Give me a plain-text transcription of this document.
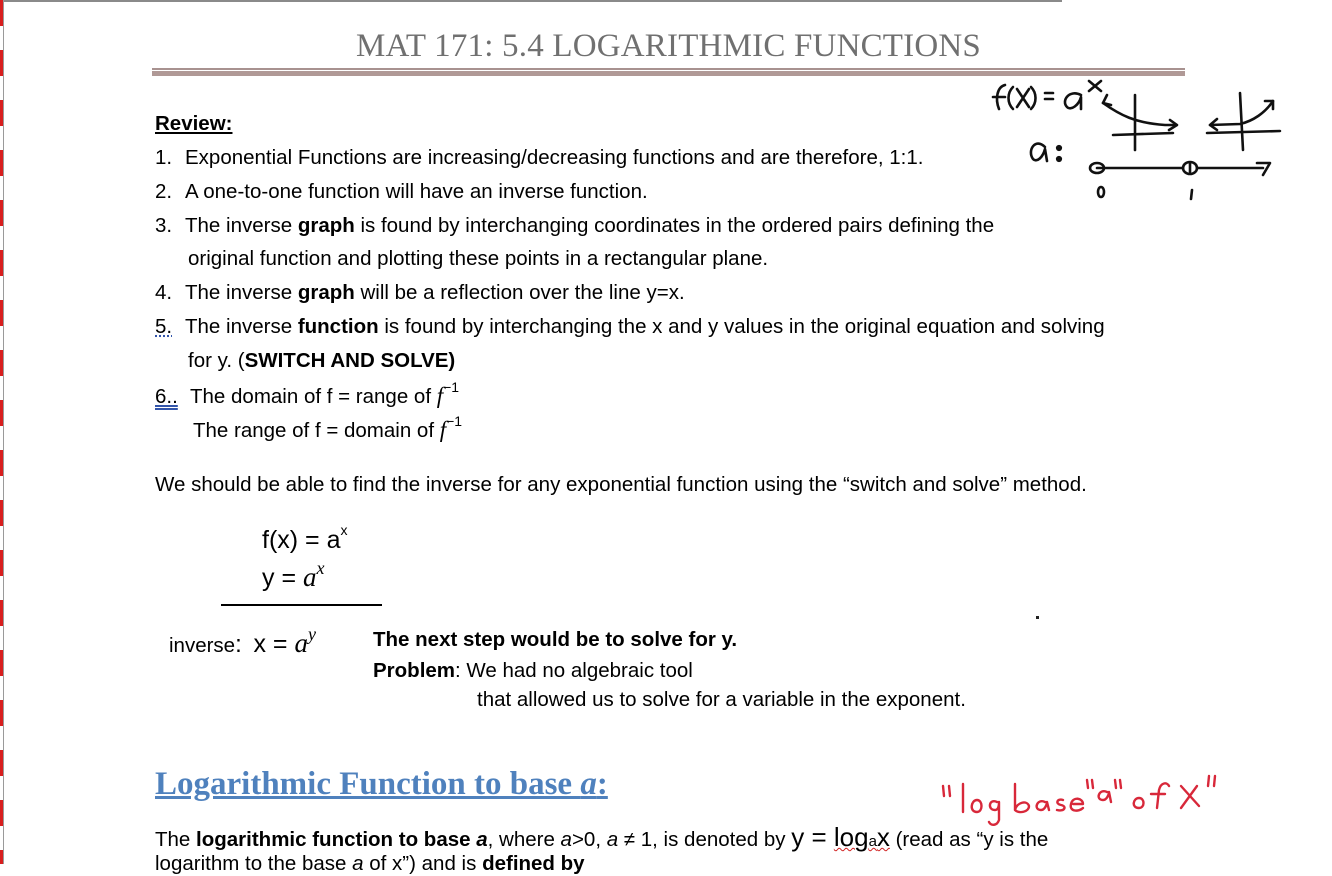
MAT 171: 5.4 LOGARITHMIC FUNCTIONS
Review:
1. Exponential Functions are increasing/decreasing functions and are therefore, 1:1.
2. A one-to-one function will have an inverse function.
3. The inverse graph is found by interchanging coordinates in the ordered pairs defining the
original function and plotting these points in a rectangular plane.
4. The inverse graph will be a reflection over the line y=x.
5. The inverse function is found by interchanging the x and y values in the original equation and solving
for y. (SWITCH AND SOLVE)
6.. The domain of f = range of $f^{-1}$
The range of f = domain of $f^{-1}$
We should be able to find the inverse for any exponential function using the “switch and solve” method.
$f(x) = a^x$
$y = a^x$
inverse: $x = a^y$	The next step would be to solve for y.
Problem: We had no algebraic tool
that allowed us to solve for a variable in the exponent.
Logarithmic Function to base a:
The logarithmic function to base a, where a>0, a ≠ 1, is denoted by y = logax (read as “y is the
logarithm to the base a of x”) and is defined by
